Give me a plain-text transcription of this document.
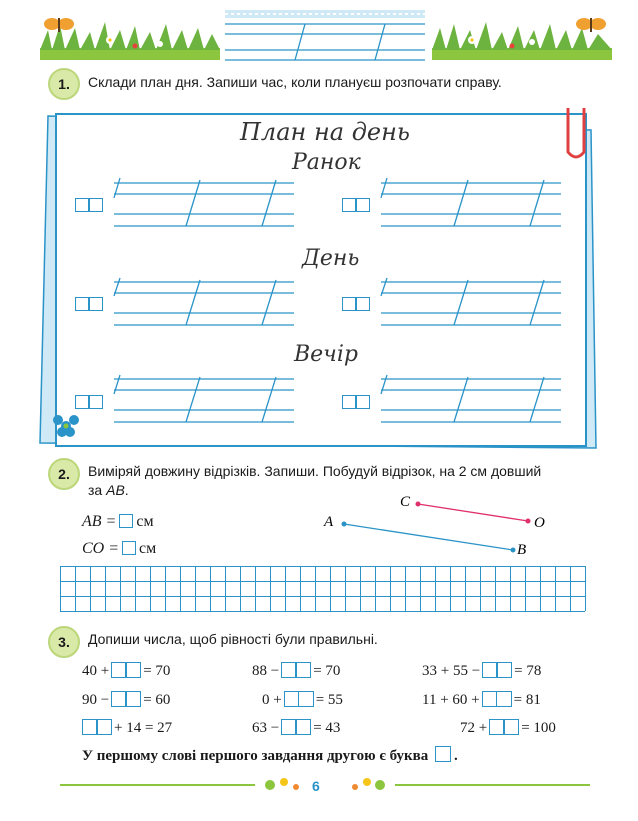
1.	Склади план дня. Запиши час, коли плануєш розпочати справу.
План на день
Ранок
День
Вечір
2.	Виміряй довжину відрізків. Запиши. Побудуй відрізок, на 2 см довший
за AB.
AB = см
CO = см
C
O
A
B
3.	Допиши числа, щоб рівності були правильні.
40 + = 70	88 − = 70	33 + 55 − = 78
90 − = 60	0 + = 55	11 + 60 + = 81
+ 14 = 27	63 − = 43	72 + = 100
У першому слові першого завдання другою є буква .
6
